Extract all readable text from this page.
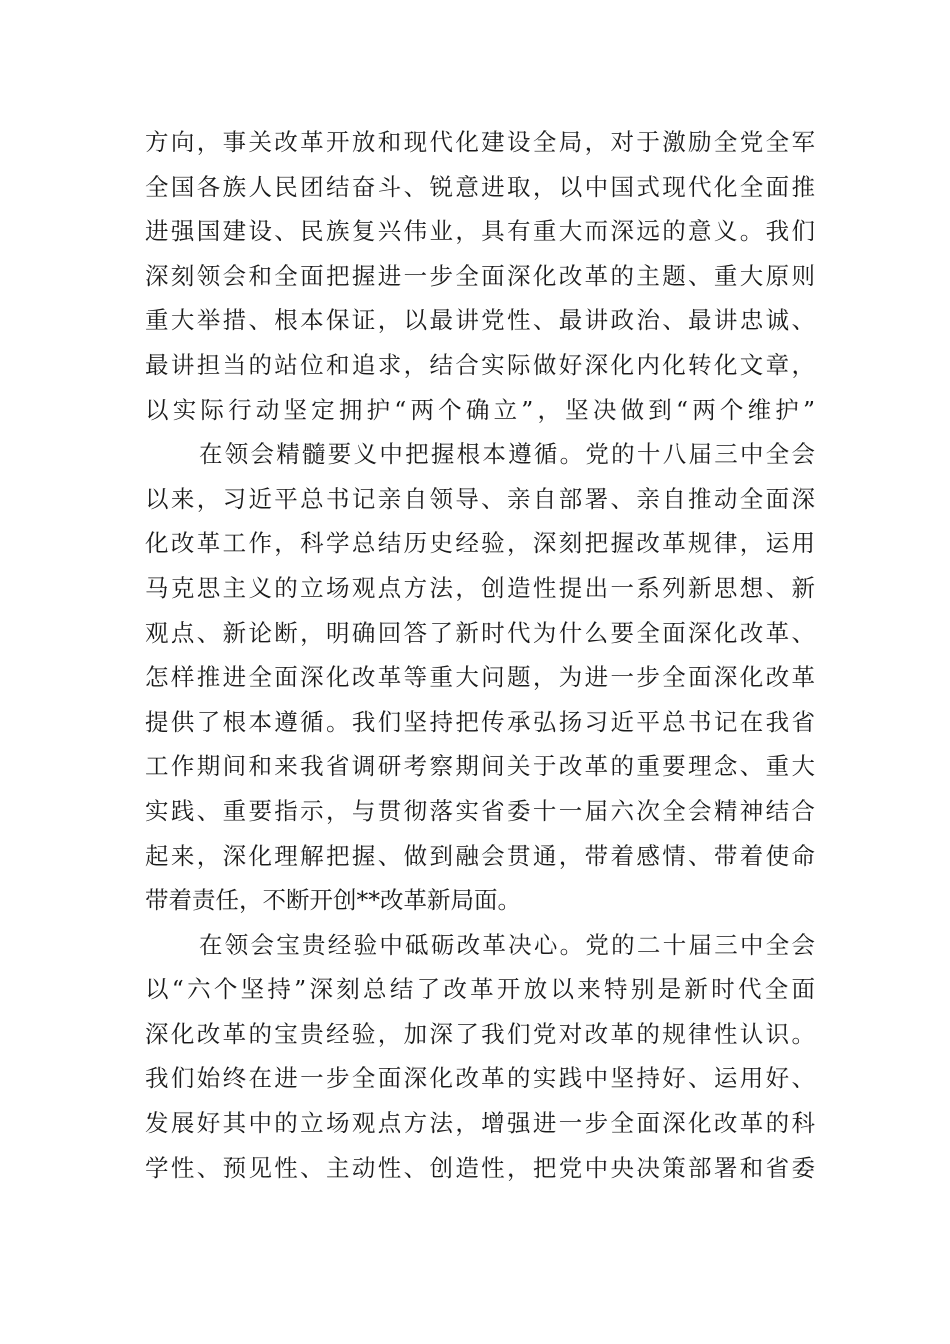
方向，事关改革开放和现代化建设全局，对于激励全党全军
全国各族人民团结奋斗、锐意进取，以中国式现代化全面推
进强国建设、民族复兴伟业，具有重大而深远的意义。我们
深刻领会和全面把握进一步全面深化改革的主题、重大原则
重大举措、根本保证，以最讲党性、最讲政治、最讲忠诚、
最讲担当的站位和追求，结合实际做好深化内化转化文章，
以实际行动坚定拥护“两个确立”，坚决做到“两个维护”
在领会精髓要义中把握根本遵循。党的十八届三中全会
以来，习近平总书记亲自领导、亲自部署、亲自推动全面深
化改革工作，科学总结历史经验，深刻把握改革规律，运用
马克思主义的立场观点方法，创造性提出一系列新思想、新
观点、新论断，明确回答了新时代为什么要全面深化改革、
怎样推进全面深化改革等重大问题，为进一步全面深化改革
提供了根本遵循。我们坚持把传承弘扬习近平总书记在我省
工作期间和来我省调研考察期间关于改革的重要理念、重大
实践、重要指示，与贯彻落实省委十一届六次全会精神结合
起来，深化理解把握、做到融会贯通，带着感情、带着使命
带着责任，不断开创**改革新局面。
在领会宝贵经验中砥砺改革决心。党的二十届三中全会
以“六个坚持”深刻总结了改革开放以来特别是新时代全面
深化改革的宝贵经验，加深了我们党对改革的规律性认识。
我们始终在进一步全面深化改革的实践中坚持好、运用好、
发展好其中的立场观点方法，增强进一步全面深化改革的科
学性、预见性、主动性、创造性，把党中央决策部署和省委
